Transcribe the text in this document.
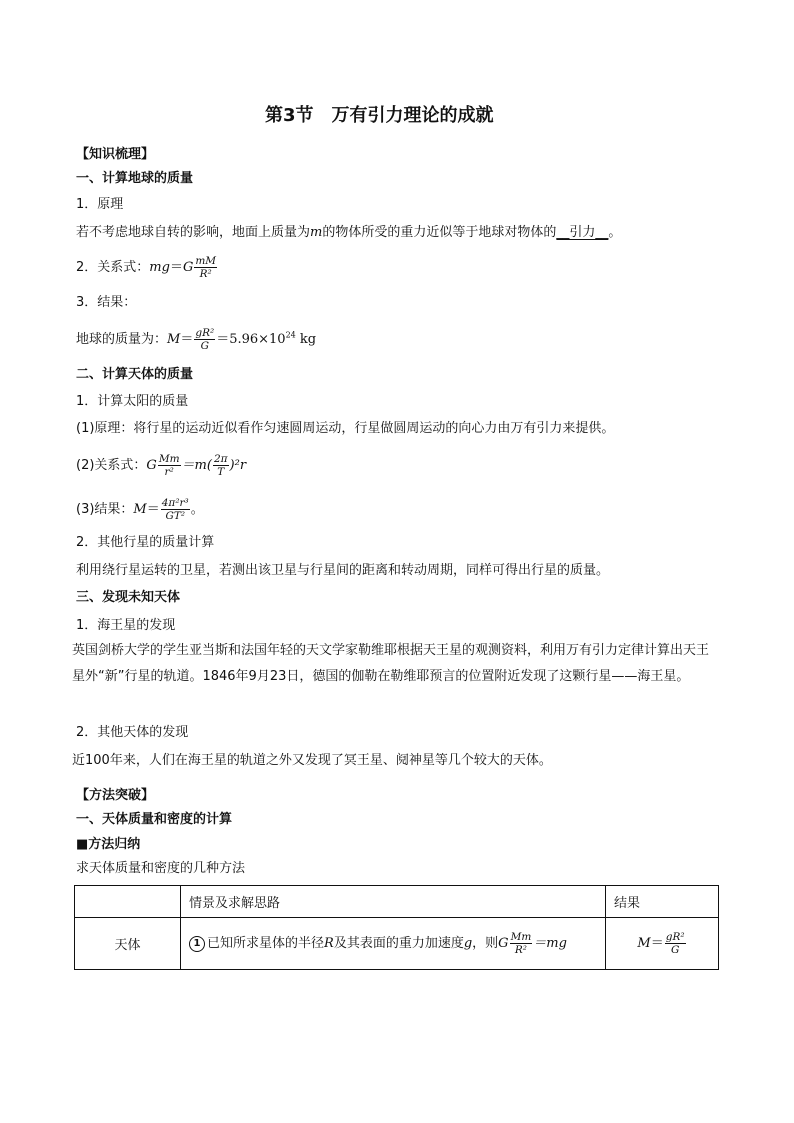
第3节　万有引力理论的成就
【知识梳理】
一、计算地球的质量
1．原理
若不考虑地球自转的影响，地面上质量为m的物体所受的重力近似等于地球对物体的__引力__。
2．关系式：$mg=G \frac{mM}{\text{R²}}$
3．结果：
地球的质量为：$M= \frac{\text{gR²}}{G} =5.96\times 10^{24}$ kg
二、计算天体的质量
1．计算太阳的质量
(1)原理：将行星的运动近似看作匀速圆周运动，行星做圆周运动的向心力由万有引力来提供。
(2)关系式：G $\frac{Mm}{\text{r²}} =m( \frac{2\pi}{T} )^2r$
(3)结果：$M= \frac{\text{4π²r³}}{\text{GT²}}$ 。
2．其他行星的质量计算
利用绕行星运转的卫星，若测出该卫星与行星间的距离和转动周期，同样可得出行星的质量。
三、发现未知天体
1．海王星的发现
英国剑桥大学的学生亚当斯和法国年轻的天文学家勒维耶根据天王星的观测资料，利用万有引力定律计算出天王星外“新”行星的轨道。1846年9月23日，德国的伽勒在勒维耶预言的位置附近发现了这颗行星——海王星。
2．其他天体的发现
近100年来，人们在海王星的轨道之外又发现了冥王星、阋神星等几个较大的天体。
【方法突破】
一、天体质量和密度的计算
■方法归纳
求天体质量和密度的几种方法
	情景及求解思路	结果
天体	1 已知所求星体的半径R及其表面的重力加速度g，则G $\frac{Mm}{\text{R²}} =mg$	$M= \frac{\text{gR²}}{G}$
